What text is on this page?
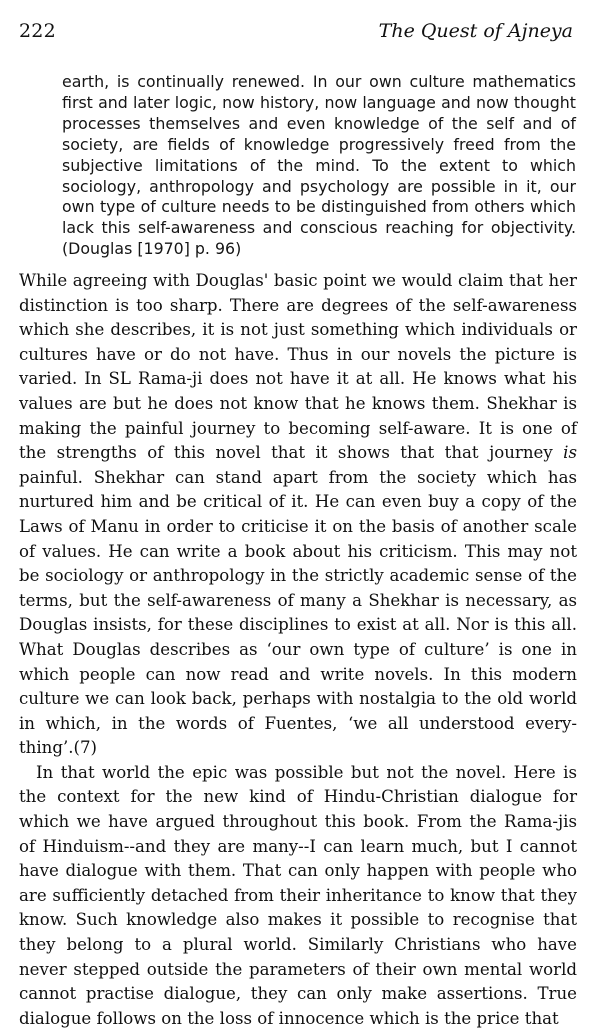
222	The Quest of Ajneya

earth, is continually renewed. In our own culture mathematics first and later logic, now history, now language and now thought processes themselves and even knowledge of the self and of society, are fields of knowledge progressively freed from the subjective limitations of the mind. To the extent to which sociology, anthropology and psychology are possible in it, our own type of culture needs to be distinguished from others which lack this self-awareness and conscious reaching for objectivity.(Douglas [1970] p. 96)

While agreeing with Douglas' basic point we would claim that her distinction is too sharp. There are degrees of the self-awareness which she describes, it is not just something which individuals or cultures have or do not have. Thus in our novels the picture is varied. In SL Rama-ji does not have it at all. He knows what his values are but he does not know that he knows them. Shekhar is making the painful journey to becoming self-aware. It is one of the strengths of this novel that it shows that that journey is painful. Shekhar can stand apart from the society which has nurtured him and be critical of it. He can even buy a copy of the Laws of Manu in order to criticise it on the basis of another scale of values. He can write a book about his criticism. This may not be sociology or anthropology in the strictly academic sense of the terms, but the self-awareness of many a Shekhar is necessary, as Douglas insists, for these disciplines to exist at all. Nor is this all. What Douglas describes as ‘our own type of culture’ is one in which people can now read and write novels. In this modern culture we can look back, perhaps with nostalgia to the old world in which, in the words of Fuentes, ‘we all understood every-thing’.(7)

In that world the epic was possible but not the novel. Here is the context for the new kind of Hindu-Christian dialogue for which we have argued throughout this book. From the Rama-jis of Hinduism--and they are many--I can learn much, but I cannot have dialogue with them. That can only happen with people who are sufficiently detached from their inheritance to know that they know. Such knowledge also makes it possible to recognise that they belong to a plural world. Similarly Christians who have never stepped outside the parameters of their own mental world cannot practise dialogue, they can only make assertions. True dialogue follows on the loss of innocence which is the price that
